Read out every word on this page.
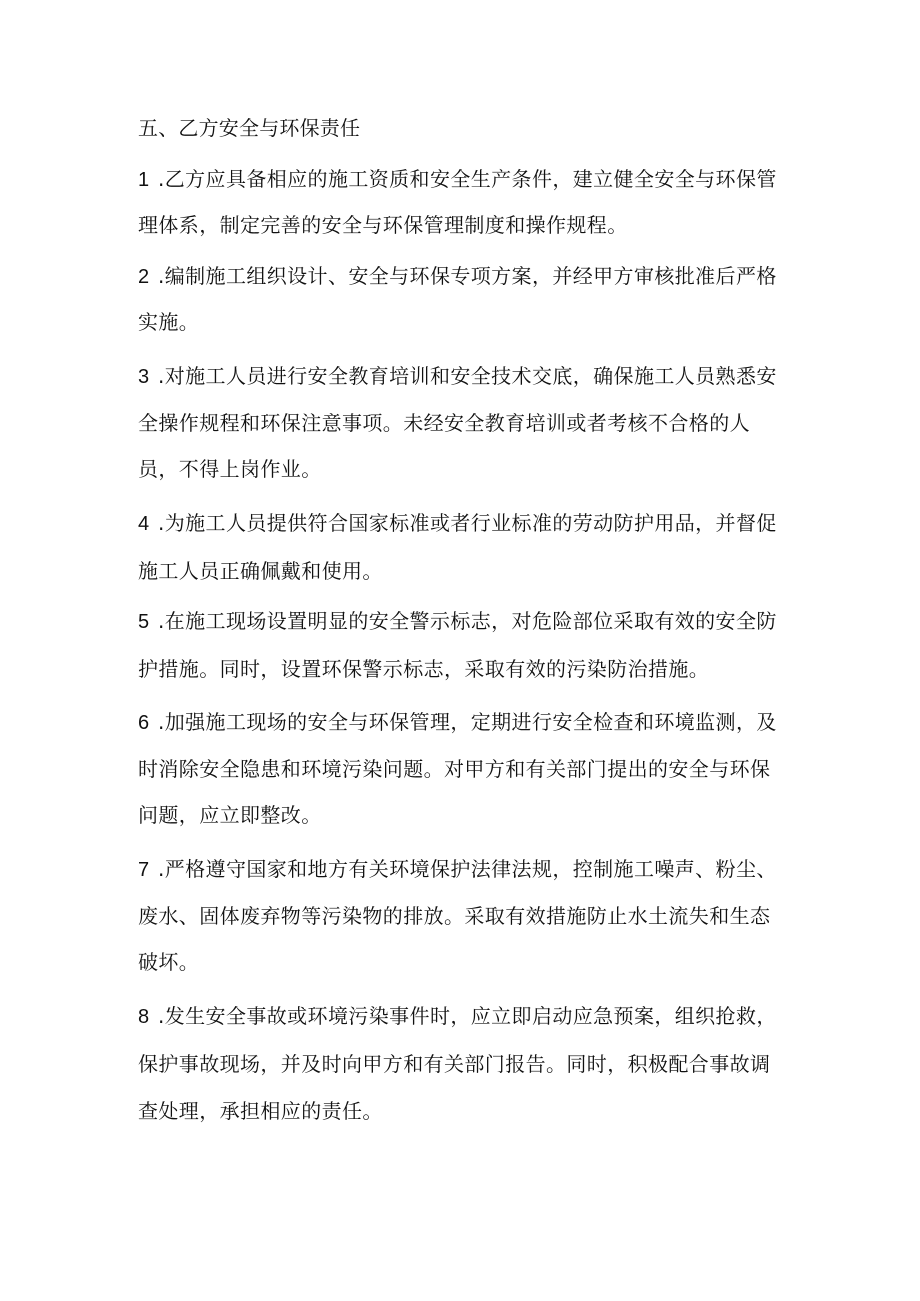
五、乙方安全与环保责任
1 .乙方应具备相应的施工资质和安全生产条件，建立健全安全与环保管
理体系，制定完善的安全与环保管理制度和操作规程。
2 .编制施工组织设计、安全与环保专项方案，并经甲方审核批准后严格
实施。
3 .对施工人员进行安全教育培训和安全技术交底，确保施工人员熟悉安
全操作规程和环保注意事项。未经安全教育培训或者考核不合格的人
员，不得上岗作业。
4 .为施工人员提供符合国家标准或者行业标准的劳动防护用品，并督促
施工人员正确佩戴和使用。
5 .在施工现场设置明显的安全警示标志，对危险部位采取有效的安全防
护措施。同时，设置环保警示标志，采取有效的污染防治措施。
6 .加强施工现场的安全与环保管理，定期进行安全检查和环境监测，及
时消除安全隐患和环境污染问题。对甲方和有关部门提出的安全与环保
问题，应立即整改。
7 .严格遵守国家和地方有关环境保护法律法规，控制施工噪声、粉尘、
废水、固体废弃物等污染物的排放。采取有效措施防止水土流失和生态
破坏。
8 .发生安全事故或环境污染事件时，应立即启动应急预案，组织抢救，
保护事故现场，并及时向甲方和有关部门报告。同时，积极配合事故调
查处理，承担相应的责任。
